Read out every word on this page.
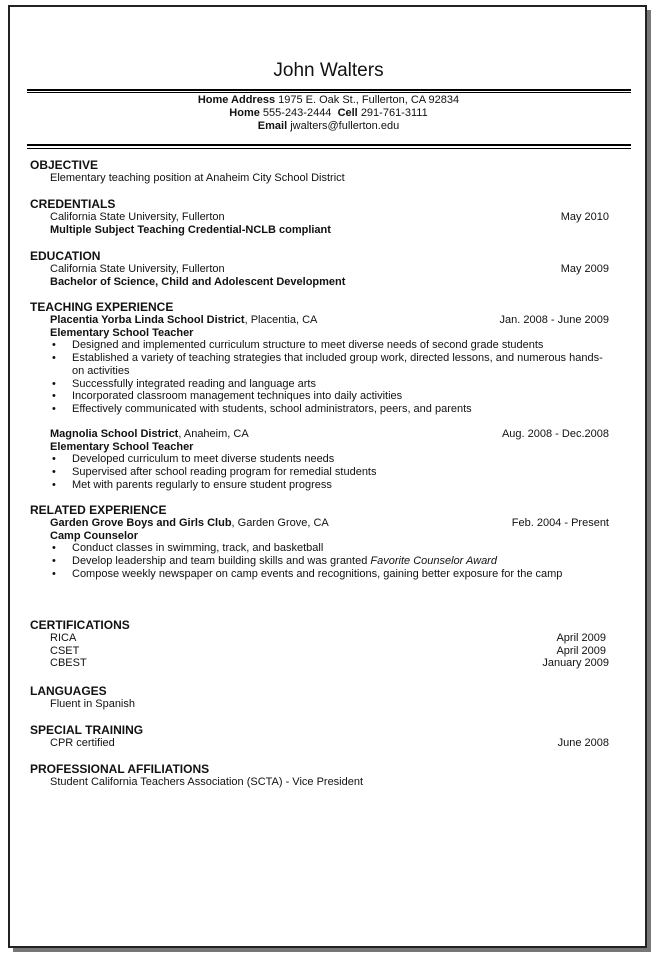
John Walters
Home Address 1975 E. Oak St., Fullerton, CA 92834
Home 555-243-2444 Cell 291-761-3111
Email jwalters@fullerton.edu
OBJECTIVE
Elementary teaching position at Anaheim City School District
CREDENTIALS
California State University, Fullerton	May 2010
Multiple Subject Teaching Credential-NCLB compliant
EDUCATION
California State University, Fullerton	May 2009
Bachelor of Science, Child and Adolescent Development
TEACHING EXPERIENCE
Placentia Yorba Linda School District, Placentia, CA	Jan. 2008 - June 2009
Elementary School Teacher
• Designed and implemented curriculum structure to meet diverse needs of second grade students
• Established a variety of teaching strategies that included group work, directed lessons, and numerous hands-on activities
• Successfully integrated reading and language arts
• Incorporated classroom management techniques into daily activities
• Effectively communicated with students, school administrators, peers, and parents
Magnolia School District, Anaheim, CA	Aug. 2008 - Dec.2008
Elementary School Teacher
• Developed curriculum to meet diverse students needs
• Supervised after school reading program for remedial students
• Met with parents regularly to ensure student progress
RELATED EXPERIENCE
Garden Grove Boys and Girls Club, Garden Grove, CA	Feb. 2004 - Present
Camp Counselor
• Conduct classes in swimming, track, and basketball
• Develop leadership and team building skills and was granted Favorite Counselor Award
• Compose weekly newspaper on camp events and recognitions, gaining better exposure for the camp
CERTIFICATIONS
RICA	April 2009
CSET	April 2009
CBEST	January 2009
LANGUAGES
Fluent in Spanish
SPECIAL TRAINING
CPR certified	June 2008
PROFESSIONAL AFFILIATIONS
Student California Teachers Association (SCTA) - Vice President
